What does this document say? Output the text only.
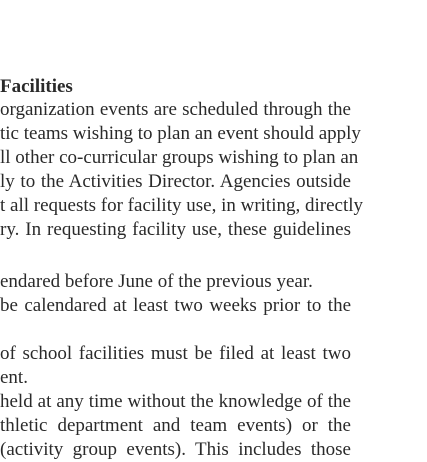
Facilities
organization events are scheduled through the
tic teams wishing to plan an event should apply
ll other co-curricular groups wishing to plan an
ly to the Activities Director. Agencies outside
t all requests for facility use, in writing, directly
ry. In requesting facility use, these guidelines
endared before June of the previous year.
be calendared at least two weeks prior to the
of school facilities must be filed at least two
ent.
held at any time without the knowledge of the
thletic department and team events) or the
(activity group events). This includes those
